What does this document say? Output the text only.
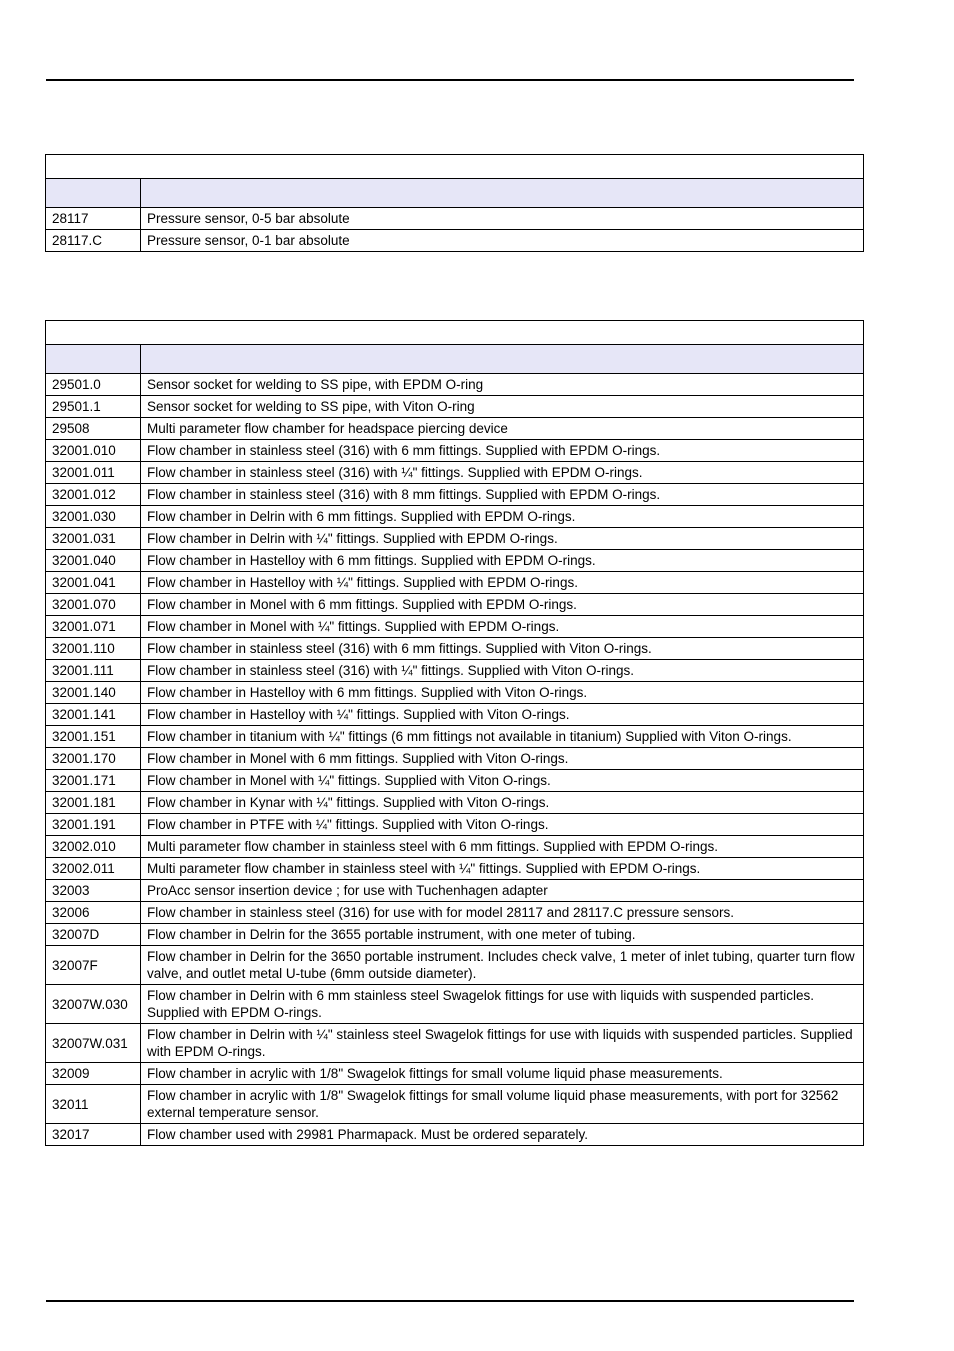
28117	Pressure sensor, 0-5 bar absolute
28117.C	Pressure sensor, 0-1 bar absolute

29501.0	Sensor socket for welding to SS pipe, with EPDM O-ring
29501.1	Sensor socket for welding to SS pipe, with Viton O-ring
29508	Multi parameter flow chamber for headspace piercing device
32001.010	Flow chamber in stainless steel (316) with 6 mm fittings. Supplied with EPDM O-rings.
32001.011	Flow chamber in stainless steel (316) with ¼" fittings. Supplied with EPDM O-rings.
32001.012	Flow chamber in stainless steel (316) with 8 mm fittings. Supplied with EPDM O-rings.
32001.030	Flow chamber in Delrin with 6 mm fittings. Supplied with EPDM O-rings.
32001.031	Flow chamber in Delrin with ¼" fittings. Supplied with EPDM O-rings.
32001.040	Flow chamber in Hastelloy with 6 mm fittings. Supplied with EPDM O-rings.
32001.041	Flow chamber in Hastelloy with ¼" fittings. Supplied with EPDM O-rings.
32001.070	Flow chamber in Monel with 6 mm fittings. Supplied with EPDM O-rings.
32001.071	Flow chamber in Monel with ¼" fittings. Supplied with EPDM O-rings.
32001.110	Flow chamber in stainless steel (316) with 6 mm fittings. Supplied with Viton O-rings.
32001.111	Flow chamber in stainless steel (316) with ¼" fittings. Supplied with Viton O-rings.
32001.140	Flow chamber in Hastelloy with 6 mm fittings. Supplied with Viton O-rings.
32001.141	Flow chamber in Hastelloy with ¼" fittings. Supplied with Viton O-rings.
32001.151	Flow chamber in titanium with ¼" fittings (6 mm fittings not available in titanium) Supplied with Viton O-rings.
32001.170	Flow chamber in Monel with 6 mm fittings. Supplied with Viton O-rings.
32001.171	Flow chamber in Monel with ¼" fittings. Supplied with Viton O-rings.
32001.181	Flow chamber in Kynar with ¼" fittings. Supplied with Viton O-rings.
32001.191	Flow chamber in PTFE with ¼" fittings. Supplied with Viton O-rings.
32002.010	Multi parameter flow chamber in stainless steel with 6 mm fittings. Supplied with EPDM O-rings.
32002.011	Multi parameter flow chamber in stainless steel with ¼" fittings. Supplied with EPDM O-rings.
32003	ProAcc sensor insertion device ; for use with Tuchenhagen adapter
32006	Flow chamber in stainless steel (316) for use with for model 28117 and 28117.C pressure sensors.
32007D	Flow chamber in Delrin for the 3655 portable instrument, with one meter of tubing.
32007F	Flow chamber in Delrin for the 3650 portable instrument. Includes check valve, 1 meter of inlet tubing, quarter turn flow valve, and outlet metal U-tube (6mm outside diameter).
32007W.030	Flow chamber in Delrin with 6 mm stainless steel Swagelok fittings for use with liquids with suspended particles. Supplied with EPDM O-rings.
32007W.031	Flow chamber in Delrin with ¼" stainless steel Swagelok fittings for use with liquids with suspended particles. Supplied with EPDM O-rings.
32009	Flow chamber in acrylic with 1/8" Swagelok fittings for small volume liquid phase measurements.
32011	Flow chamber in acrylic with 1/8" Swagelok fittings for small volume liquid phase measurements, with port for 32562 external temperature sensor.
32017	Flow chamber used with 29981 Pharmapack. Must be ordered separately.
